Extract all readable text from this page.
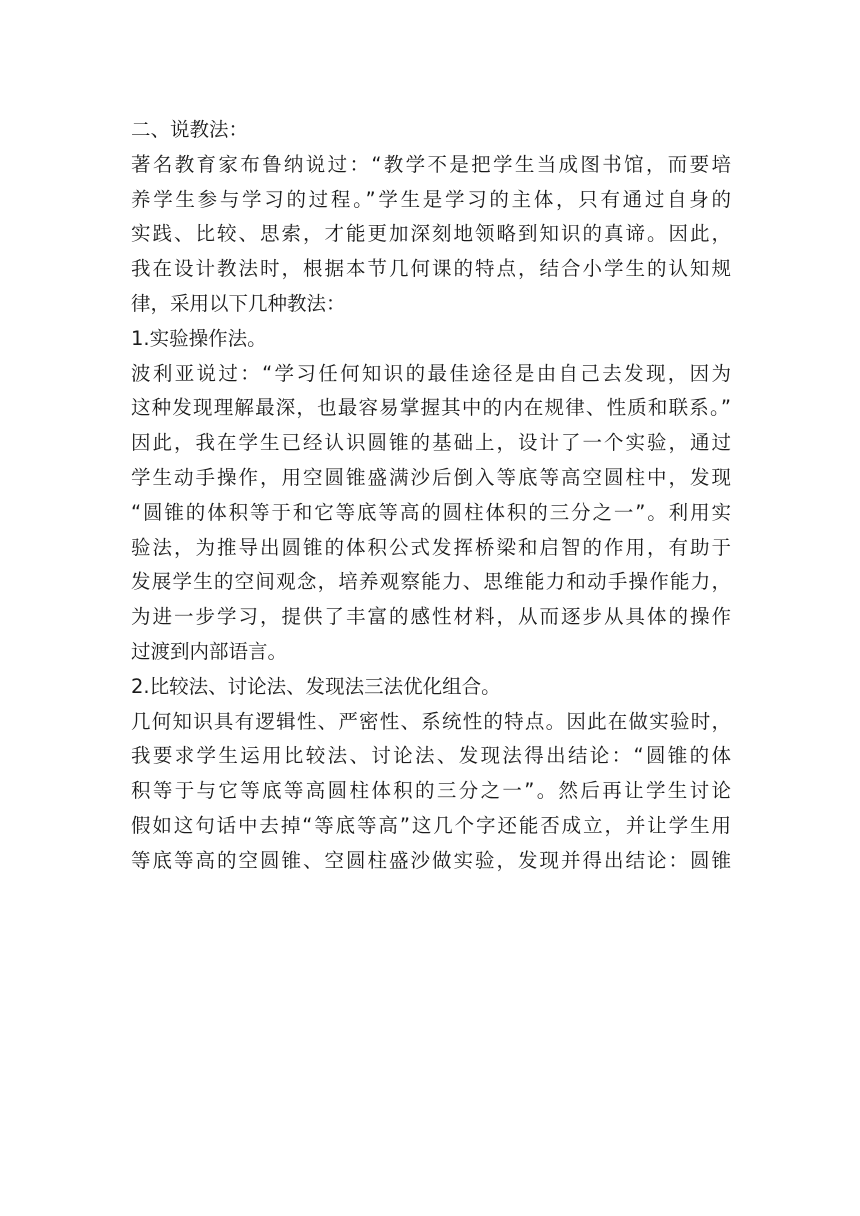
二、说教法：
著名教育家布鲁纳说过：“教学不是把学生当成图书馆，而要培
养学生参与学习的过程。”学生是学习的主体，只有通过自身的
实践、比较、思索，才能更加深刻地领略到知识的真谛。因此，
我在设计教法时，根据本节几何课的特点，结合小学生的认知规
律，采用以下几种教法：
1.实验操作法。
波利亚说过：“学习任何知识的最佳途径是由自己去发现，因为
这种发现理解最深，也最容易掌握其中的内在规律、性质和联系。”
因此，我在学生已经认识圆锥的基础上，设计了一个实验，通过
学生动手操作，用空圆锥盛满沙后倒入等底等高空圆柱中，发现
“圆锥的体积等于和它等底等高的圆柱体积的三分之一”。利用实
验法，为推导出圆锥的体积公式发挥桥梁和启智的作用，有助于
发展学生的空间观念，培养观察能力、思维能力和动手操作能力，
为进一步学习，提供了丰富的感性材料，从而逐步从具体的操作
过渡到内部语言。
2.比较法、讨论法、发现法三法优化组合。
几何知识具有逻辑性、严密性、系统性的特点。因此在做实验时，
我要求学生运用比较法、讨论法、发现法得出结论：“圆锥的体
积等于与它等底等高圆柱体积的三分之一”。然后再让学生讨论
假如这句话中去掉“等底等高”这几个字还能否成立，并让学生用
等底等高的空圆锥、空圆柱盛沙做实验，发现并得出结论：圆锥
